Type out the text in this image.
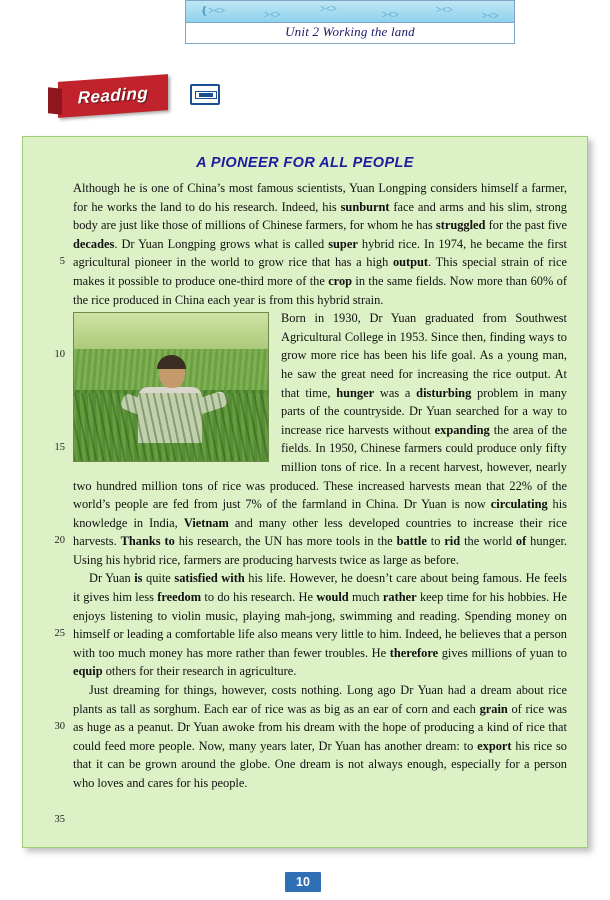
❴><>	><>
><>
><>	><>
><>
Unit 2 Working the land
Reading
A PIONEER FOR ALL PEOPLE
5
10
15
20
25
30
35

Although he is one of China’s most famous scientists, Yuan Longping considers himself a farmer, for he works the land to do his research. Indeed, his sunburnt face and arms and his slim, strong body are just like those of millions of Chinese farmers, for whom he has struggled for the past five decades. Dr Yuan Longping grows what is called super hybrid rice. In 1974, he became the first agricultural pioneer in the world to grow rice that has a high output. This special strain of rice makes it possible to produce one-third more of the crop in the same fields. Now more than 60% of the rice produced in China each year is from this hybrid strain.

Born in 1930, Dr Yuan graduated from Southwest Agricultural College in 1953. Since then, finding ways to grow more rice has been his life goal. As a young man, he saw the great need for increasing the rice output. At that time, hunger was a disturbing problem in many parts of the countryside. Dr Yuan searched for a way to increase rice harvests without expanding the area of the fields. In 1950, Chinese farmers could produce only fifty million tons of rice. In a recent harvest, however, nearly two hundred million tons of rice was produced. These increased harvests mean that 22% of the world’s people are fed from just 7% of the farmland in China. Dr Yuan is now circulating his knowledge in India, Vietnam and many other less developed countries to increase their rice harvests. Thanks to his research, the UN has more tools in the battle to rid the world of hunger. Using his hybrid rice, farmers are producing harvests twice as large as before.

Dr Yuan is quite satisfied with his life. However, he doesn’t care about being famous. He feels it gives him less freedom to do his research. He would much rather keep time for his hobbies. He enjoys listening to violin music, playing mah-jong, swimming and reading. Spending money on himself or leading a comfortable life also means very little to him. Indeed, he believes that a person with too much money has more rather than fewer troubles. He therefore gives millions of yuan to equip others for their research in agriculture.

Just dreaming for things, however, costs nothing. Long ago Dr Yuan had a dream about rice plants as tall as sorghum. Each ear of rice was as big as an ear of corn and each grain of rice was as huge as a peanut. Dr Yuan awoke from his dream with the hope of producing a kind of rice that could feed more people. Now, many years later, Dr Yuan has another dream: to export his rice so that it can be grown around the globe. One dream is not always enough, especially for a person who loves and cares for his people.

10
